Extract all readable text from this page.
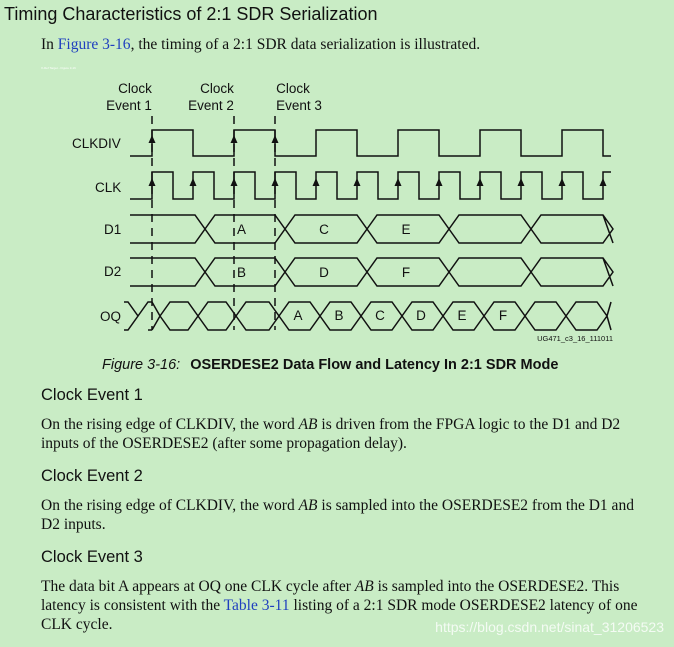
Timing Characteristics of 2:1 SDR Serialization

In Figure 3-16, the timing of a 2:1 SDR data serialization is illustrated.

X-Ref Target - Figure 3-16
Clock
Event 1
Clock
Event 2
Clock
Event 3
CLKDIV
CLK
D1
D2
OQ
A	C	E
B	D	F
A B C D E F
UG471_c3_16_111011
Figure 3-16: OSERDESE2 Data Flow and Latency In 2:1 SDR Mode
Clock Event 1

On the rising edge of CLKDIV, the word AB is driven from the FPGA logic to the D1 and D2 inputs of the OSERDESE2 (after some propagation delay).

Clock Event 2

On the rising edge of CLKDIV, the word AB is sampled into the OSERDESE2 from the D1 and D2 inputs.

Clock Event 3

The data bit A appears at OQ one CLK cycle after AB is sampled into the OSERDESE2. This latency is consistent with the Table 3-11 listing of a 2:1 SDR mode OSERDESE2 latency of one CLK cycle.	https://blog.csdn.net/sinat_31206523
